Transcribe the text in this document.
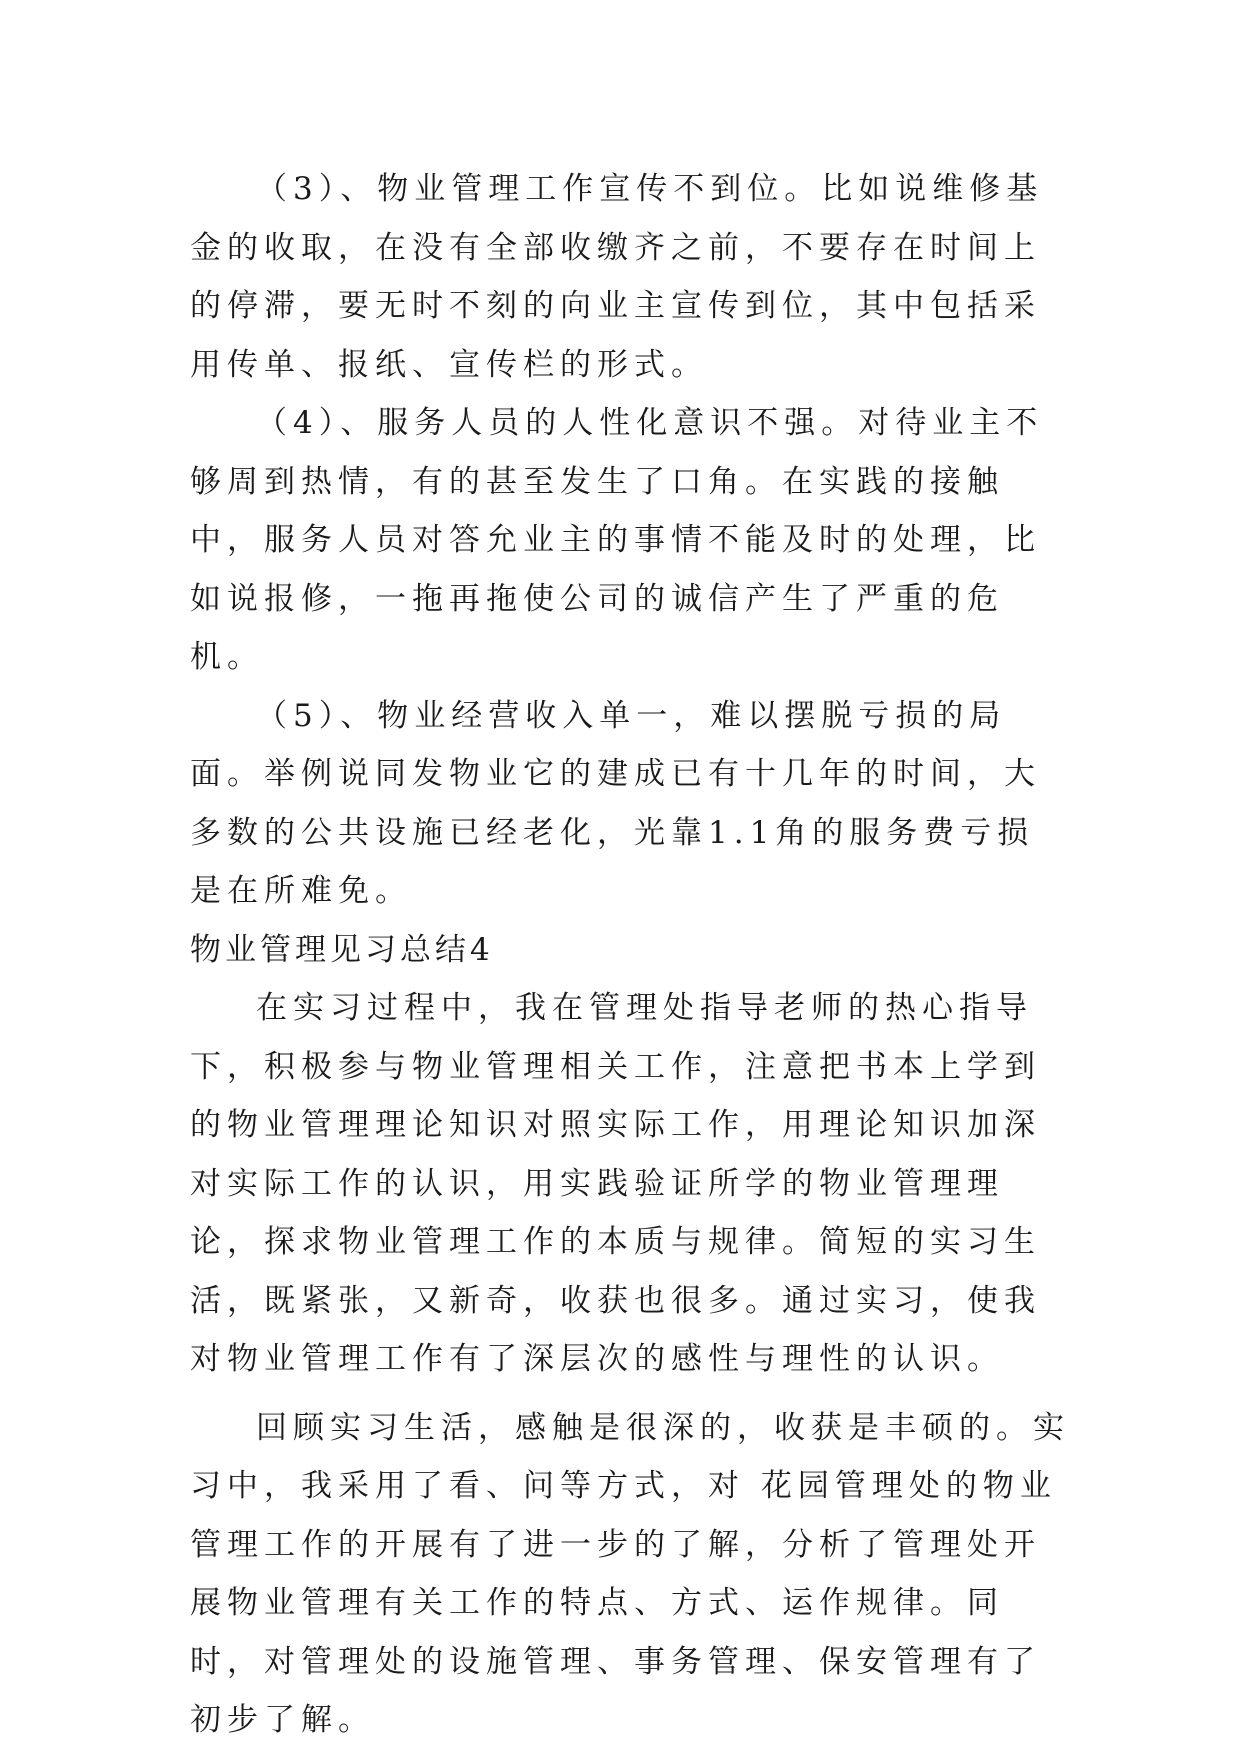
（3）、物业管理工作宣传不到位。比如说维修基金的收取，在没有全部收缴齐之前，不要存在时间上的停滞，要无时不刻的向业主宣传到位，其中包括采用传单、报纸、宣传栏的形式。

（4）、服务人员的人性化意识不强。对待业主不够周到热情，有的甚至发生了口角。在实践的接触中，服务人员对答允业主的事情不能及时的处理，比如说报修，一拖再拖使公司的诚信产生了严重的危机。

（5）、物业经营收入单一，难以摆脱亏损的局面。举例说同发物业它的建成已有十几年的时间，大多数的公共设施已经老化，光靠1.1角的服务费亏损是在所难免。

物业管理见习总结4

在实习过程中，我在管理处指导老师的热心指导下，积极参与物业管理相关工作，注意把书本上学到的物业管理理论知识对照实际工作，用理论知识加深对实际工作的认识，用实践验证所学的物业管理理论，探求物业管理工作的本质与规律。简短的实习生活，既紧张，又新奇，收获也很多。通过实习，使我对物业管理工作有了深层次的感性与理性的认识。

回顾实习生活，感触是很深的，收获是丰硕的。实习中，我采用了看、问等方式，对 花园管理处的物业管理工作的开展有了进一步的了解，分析了管理处开展物业管理有关工作的特点、方式、运作规律。同时，对管理处的设施管理、事务管理、保安管理有了初步了解。
